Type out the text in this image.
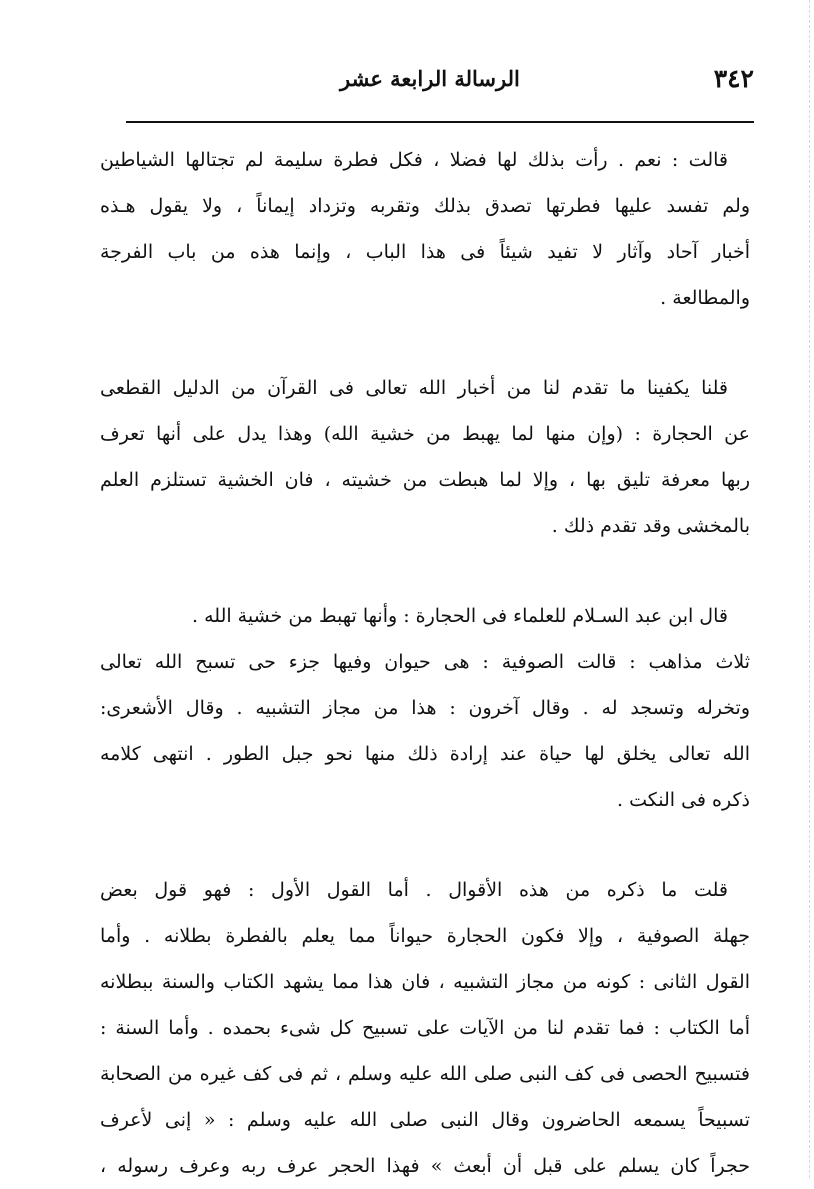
٣٤٢
الرسالة الرابعة عشر
قالت : نعم . رأت بذلك لها فضلا ، فكل فطرة سليمة لم تجتالها الشياطين
ولم تفسد عليها فطرتها تصدق بذلك وتقربه وتزداد إيماناً ، ولا يقول هـذه
أخبار آحاد وآثار لا تفيد شيئاً فى هذا الباب ، وإنما هذه من باب الفرجة
والمطالعة .
قلنا يكفينا ما تقدم لنا من أخبار الله تعالى فى القرآن من الدليل القطعى
عن الحجارة : (وإن منها لما يهبط من خشية الله) وهذا يدل على أنها تعرف
ربها معرفة تليق بها ، وإلا لما هبطت من خشيته ، فان الخشية تستلزم العلم
بالمخشى وقد تقدم ذلك .
قال ابن عبد السـلام للعلماء فى الحجارة : وأنها تهبط من خشية الله .
ثلاث مذاهب : قالت الصوفية : هى حيوان وفيها جزء حى تسبح الله تعالى
وتخرله وتسجد له . وقال آخرون : هذا من مجاز التشبيه . وقال الأشعرى:
الله تعالى يخلق لها حياة عند إرادة ذلك منها نحو جبل الطور . انتهى كلامه
ذكره فى النكت .
قلت ما ذكره من هذه الأقوال . أما القول الأول : فهو قول بعض
جهلة الصوفية ، وإلا فكون الحجارة حيواناً مما يعلم بالفطرة بطلانه . وأما
القول الثانى : كونه من مجاز التشبيه ، فان هذا مما يشهد الكتاب والسنة ببطلانه
أما الكتاب : فما تقدم لنا من الآيات على تسبيح كل شىء بحمده . وأما السنة :
فتسبيح الحصى فى كف النبى صلى الله عليه وسلم ، ثم فى كف غيره من الصحابة
تسبيحاً يسمعه الحاضرون وقال النبى صلى الله عليه وسلم : « إنى لأعرف
حجراً كان يسلم على قبل أن أبعث » فهذا الحجر عرف ربه وعرف رسوله ،
